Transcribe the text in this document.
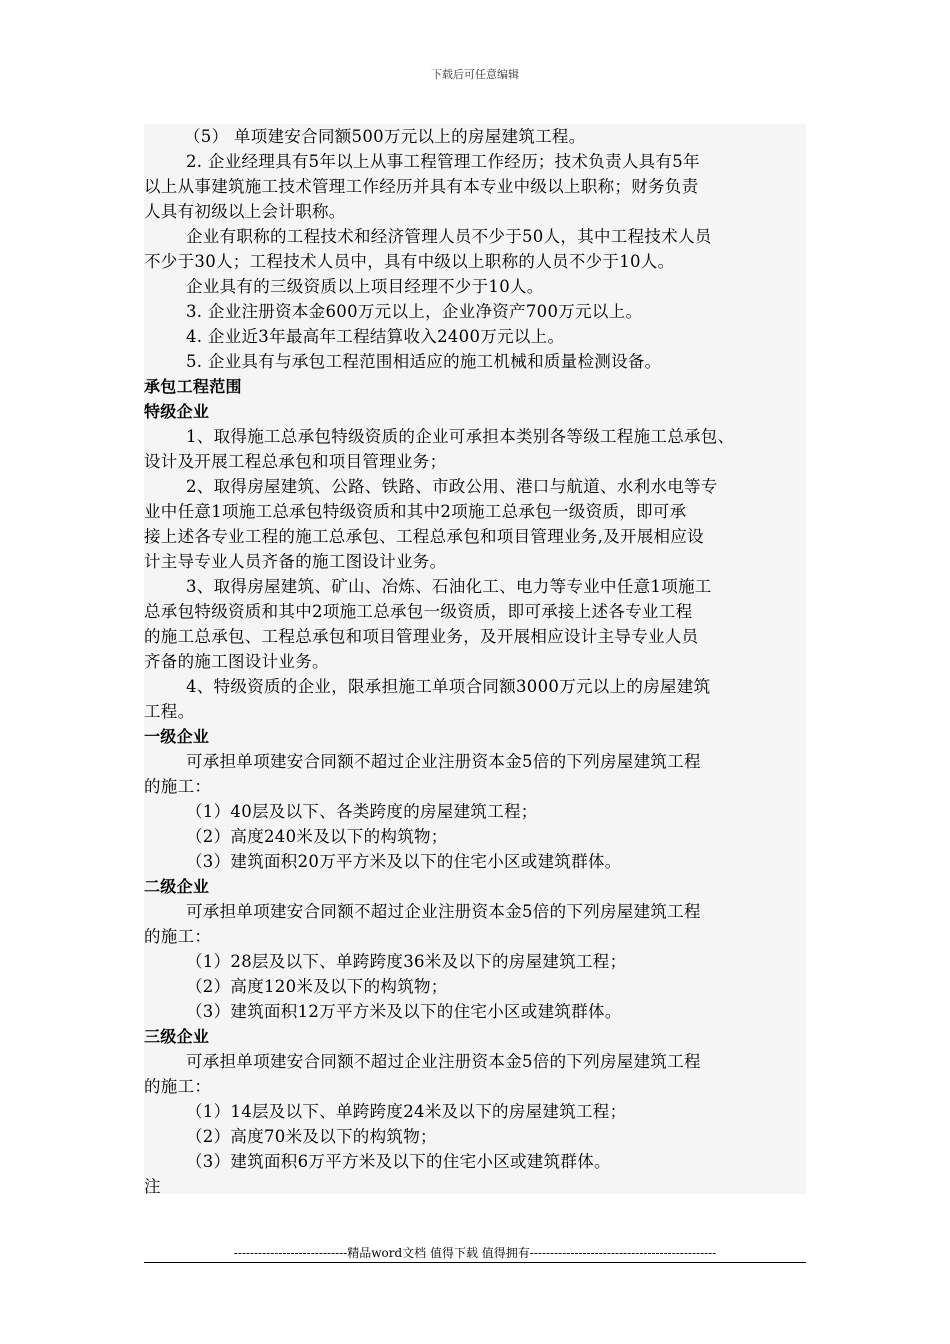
下载后可任意编辑
（5） 单项建安合同额500万元以上的房屋建筑工程。
2. 企业经理具有5年以上从事工程管理工作经历；技术负责人具有5年
以上从事建筑施工技术管理工作经历并具有本专业中级以上职称；财务负责
人具有初级以上会计职称。
企业有职称的工程技术和经济管理人员不少于50人，其中工程技术人员
不少于30人；工程技术人员中，具有中级以上职称的人员不少于10人。
企业具有的三级资质以上项目经理不少于10人。
3. 企业注册资本金600万元以上，企业净资产700万元以上。
4. 企业近3年最高年工程结算收入2400万元以上。
5. 企业具有与承包工程范围相适应的施工机械和质量检测设备。
承包工程范围
特级企业
1、取得施工总承包特级资质的企业可承担本类别各等级工程施工总承包、
设计及开展工程总承包和项目管理业务；
2、取得房屋建筑、公路、铁路、市政公用、港口与航道、水利水电等专
业中任意1项施工总承包特级资质和其中2项施工总承包一级资质，即可承
接上述各专业工程的施工总承包、工程总承包和项目管理业务,及开展相应设
计主导专业人员齐备的施工图设计业务。
3、取得房屋建筑、矿山、冶炼、石油化工、电力等专业中任意1项施工
总承包特级资质和其中2项施工总承包一级资质，即可承接上述各专业工程
的施工总承包、工程总承包和项目管理业务，及开展相应设计主导专业人员
齐备的施工图设计业务。
4、特级资质的企业，限承担施工单项合同额3000万元以上的房屋建筑
工程。
一级企业
可承担单项建安合同额不超过企业注册资本金5倍的下列房屋建筑工程
的施工：
（1）40层及以下、各类跨度的房屋建筑工程；
（2）高度240米及以下的构筑物；
（3）建筑面积20万平方米及以下的住宅小区或建筑群体。
二级企业
可承担单项建安合同额不超过企业注册资本金5倍的下列房屋建筑工程
的施工：
（1）28层及以下、单跨跨度36米及以下的房屋建筑工程；
（2）高度120米及以下的构筑物；
（3）建筑面积12万平方米及以下的住宅小区或建筑群体。
三级企业
可承担单项建安合同额不超过企业注册资本金5倍的下列房屋建筑工程
的施工：
（1）14层及以下、单跨跨度24米及以下的房屋建筑工程；
（2）高度70米及以下的构筑物；
（3）建筑面积6万平方米及以下的住宅小区或建筑群体。
注
----------------------------精品word文档 值得下载 值得拥有----------------------------------------------
